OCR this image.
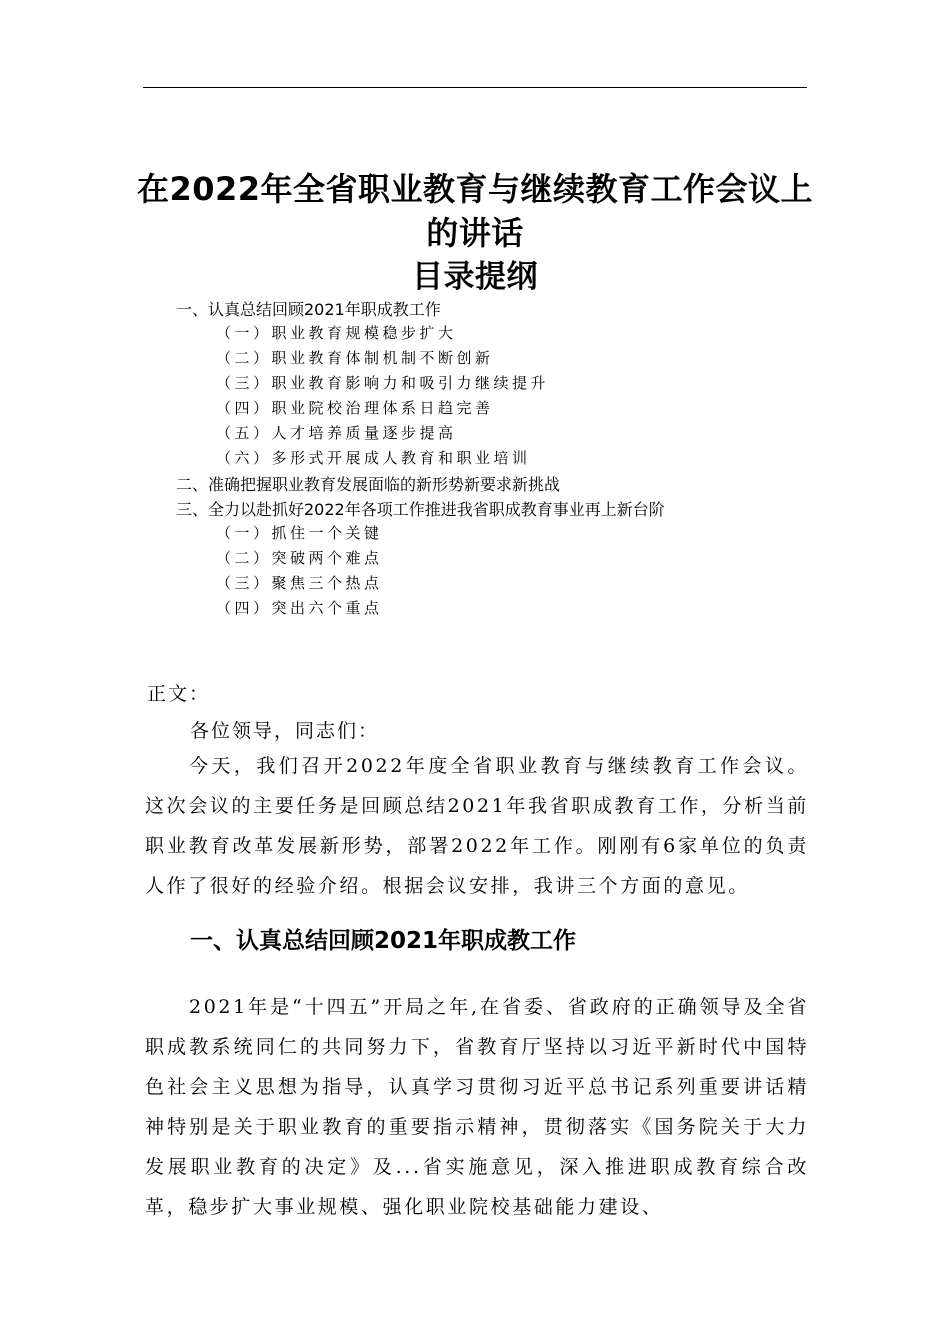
在2022年全省职业教育与继续教育工作会议上
的讲话
目录提纲
一、认真总结回顾2021年职成教工作
（一）职业教育规模稳步扩大
（二）职业教育体制机制不断创新
（三）职业教育影响力和吸引力继续提升
（四）职业院校治理体系日趋完善
（五）人才培养质量逐步提高
（六）多形式开展成人教育和职业培训
二、准确把握职业教育发展面临的新形势新要求新挑战
三、全力以赴抓好2022年各项工作推进我省职成教育事业再上新台阶
（一）抓住一个关键
（二）突破两个难点
（三）聚焦三个热点
（四）突出六个重点
正文：
各位领导，同志们：
今天，我们召开2022年度全省职业教育与继续教育工作会议。这次会议的主要任务是回顾总结2021年我省职成教育工作，分析当前职业教育改革发展新形势，部署2022年工作。刚刚有6家单位的负责人作了很好的经验介绍。根据会议安排，我讲三个方面的意见。
一、认真总结回顾2021年职成教工作
2021年是“十四五”开局之年,在省委、省政府的正确领导及全省职成教系统同仁的共同努力下，省教育厅坚持以习近平新时代中国特色社会主义思想为指导，认真学习贯彻习近平总书记系列重要讲话精神特别是关于职业教育的重要指示精神，贯彻落实《国务院关于大力发展职业教育的决定》及...省实施意见，深入推进职成教育综合改革，稳步扩大事业规模、强化职业院校基础能力建设、
